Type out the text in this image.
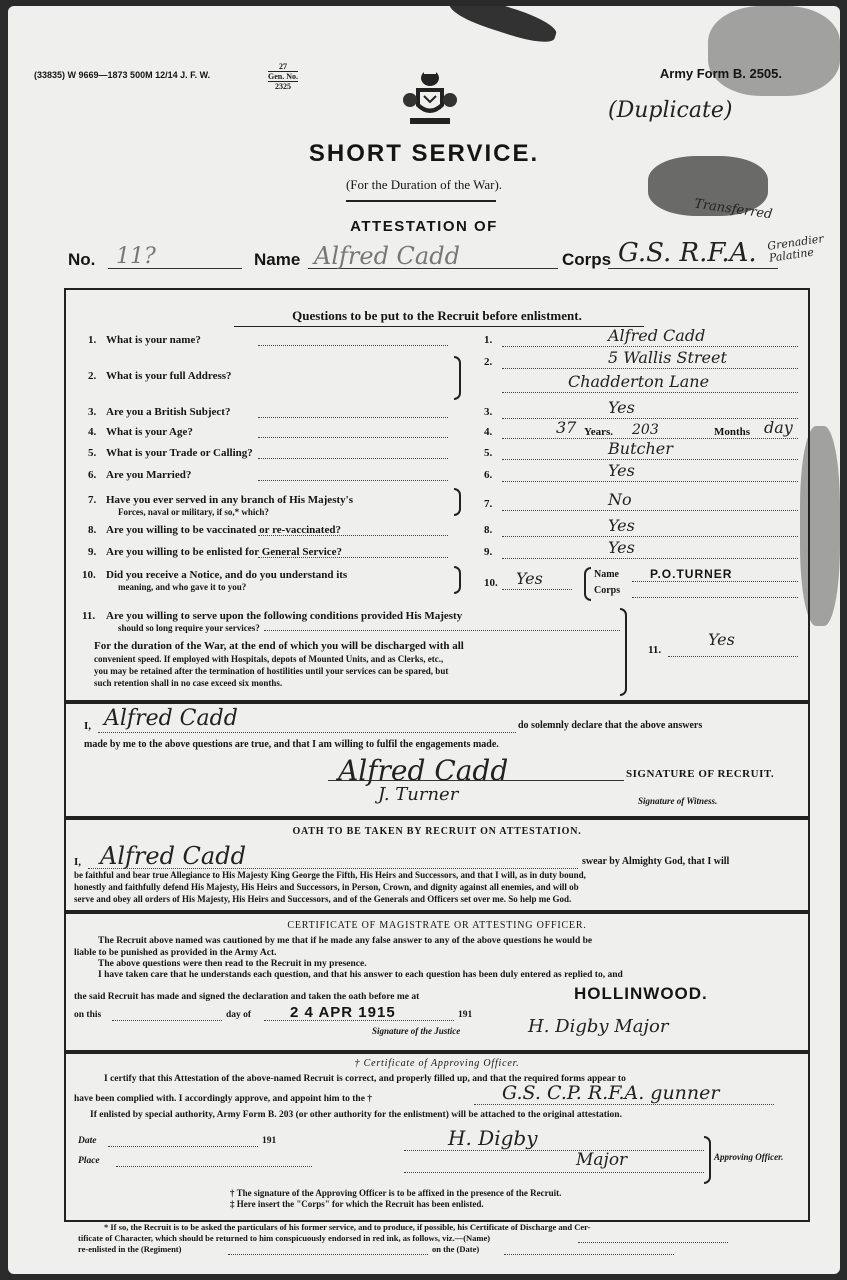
(33835) W 9669—1873 500M 12/14 J. F. W.
27
Gen. No.
2325
Army Form B. 2505.
(Duplicate)
Transferred
SHORT SERVICE.
(For the Duration of the War).
ATTESTATION OF
No. 11?	Name Alfred Cadd	Corps G.S. R.F.A. Grenadier Palatine
Questions to be put to the Recruit before enlistment.
For the duration of the War, at the end of which you will be discharged with all
convenient speed. If employed with Hospitals, depots of Mounted Units, and as Clerks, etc.,
you may be retained after the termination of hostilities until your services can be spared, but
such retention shall in no case exceed six months.
I, Alfred Cadd	do solemnly declare that the above answers
made by me to the above questions are true, and that I am willing to fulfil the engagements made.
Alfred Cadd	SIGNATURE OF RECRUIT.
J. Turner	Signature of Witness.
OATH TO BE TAKEN BY RECRUIT ON ATTESTATION.
I, Alfred Cadd	swear by Almighty God, that I will
be faithful and bear true Allegiance to His Majesty King George the Fifth, His Heirs and Successors, and that I will, as in duty bound,
honestly and faithfully defend His Majesty, His Heirs and Successors, in Person, Crown, and dignity against all enemies, and will ob
serve and obey all orders of His Majesty, His Heirs and Successors, and of the Generals and Officers set over me. So help me God.
CERTIFICATE OF MAGISTRATE OR ATTESTING OFFICER.
The Recruit above named was cautioned by me that if he made any false answer to any of the above questions he would be
liable to be punished as provided in the Army Act.
The above questions were then read to the Recruit in my presence.
I have taken care that he understands each question, and that his answer to each question has been duly entered as replied to, and
the said Recruit has made and signed the declaration and taken the oath before me at	HOLLINWOOD.
on this	day of	2 4 APR 1915	191
Signature of the Justice	H. Digby Major
† Certificate of Approving Officer.
I certify that this Attestation of the above-named Recruit is correct, and properly filled up, and that the required forms appear to
have been complied with. I accordingly approve, and appoint him to the †	G.S. C.P. R.F.A. gunner
If enlisted by special authority, Army Form B. 203 (or other authority for the enlistment) will be attached to the original attestation.
Date	191
Place
H. Digby
Major	Approving Officer.
† The signature of the Approving Officer is to be affixed in the presence of the Recruit.
‡ Here insert the "Corps" for which the Recruit has been enlisted.
* If so, the Recruit is to be asked the particulars of his former service, and to produce, if possible, his Certificate of Discharge and Cer-
tificate of Character, which should be returned to him conspicuously endorsed in red ink, as follows, viz.—(Name)
re-enlisted in the (Regiment)	on the (Date)
1. What is your name?	1.	Alfred Cadd
2. What is your full Address?
2.	5 Wallis Street
Chadderton Lane
3. Are you a British Subject?	3.	Yes
4. What is your Age?	4.	37 Years. 203	Months day
5. What is your Trade or Calling?	5.	Butcher
6. Are you Married?	6.	Yes
7. Have you ever served in any branch of His Majesty's
Forces, naval or military, if so,* which?
7.	No
8. Are you willing to be vaccinated or re-vaccinated?	8.	Yes
9. Are you willing to be enlisted for General Service?	9.	Yes
10. Did you receive a Notice, and do you understand its
meaning, and who gave it to you?	10. Yes	Name	P.O.TURNER
Corps
11. Are you willing to serve upon the following conditions provided His Majesty
should so long require your services?
11.
Yes
